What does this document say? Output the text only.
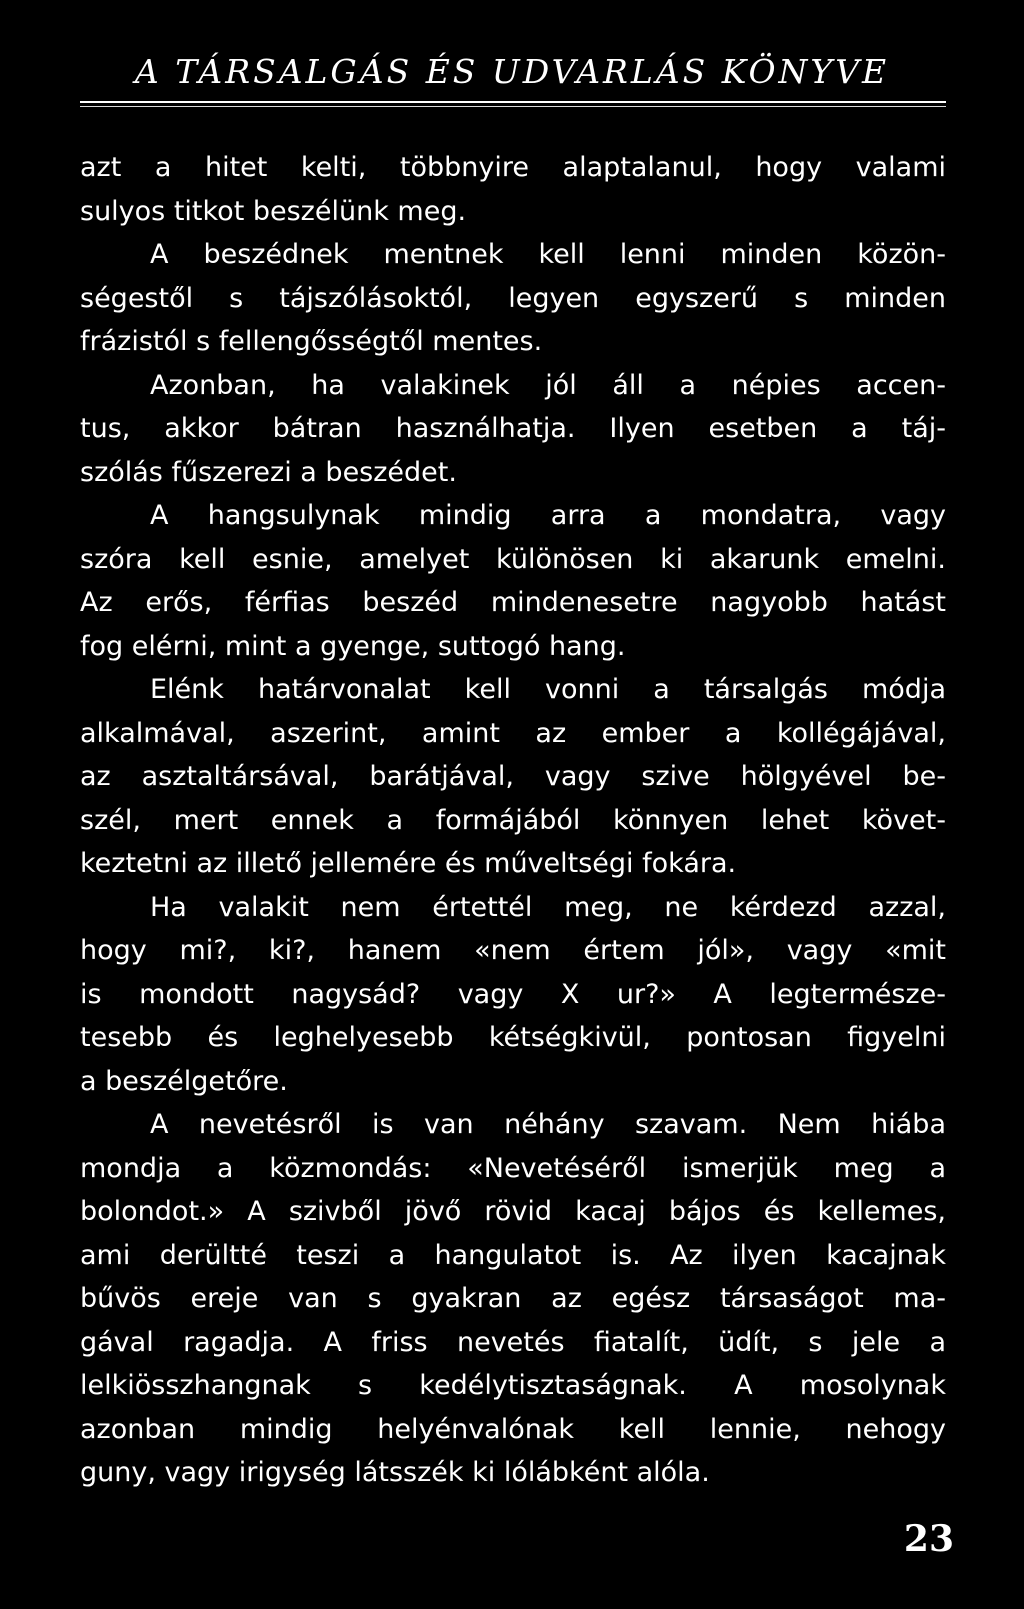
A TÁRSALGÁS ÉS UDVARLÁS KÖNYVE
azt a hitet kelti, többnyire alaptalanul, hogy valami
sulyos titkot beszélünk meg.
A beszédnek mentnek kell lenni minden közön-
ségestől s tájszólásoktól, legyen egyszerű s minden
frázistól s fellengősségtől mentes.
Azonban, ha valakinek jól áll a népies accen-
tus, akkor bátran használhatja. Ilyen esetben a táj-
szólás fűszerezi a beszédet.
A hangsulynak mindig arra a mondatra, vagy
szóra kell esnie, amelyet különösen ki akarunk emelni.
Az erős, férfias beszéd mindenesetre nagyobb hatást
fog elérni, mint a gyenge, suttogó hang.
Elénk határvonalat kell vonni a társalgás módja
alkalmával, aszerint, amint az ember a kollégájával,
az asztaltársával, barátjával, vagy szive hölgyével be-
szél, mert ennek a formájából könnyen lehet követ-
keztetni az illető jellemére és műveltségi fokára.
Ha valakit nem értettél meg, ne kérdezd azzal,
hogy mi?, ki?, hanem «nem értem jól», vagy «mit
is mondott nagysád? vagy X ur?» A legtermésze-
tesebb és leghelyesebb kétségkivül, pontosan figyelni
a beszélgetőre.
A nevetésről is van néhány szavam. Nem hiába
mondja a közmondás: «Nevetéséről ismerjük meg a
bolondot.» A szivből jövő rövid kacaj bájos és kellemes,
ami derültté teszi a hangulatot is. Az ilyen kacajnak
bűvös ereje van s gyakran az egész társaságot ma-
gával ragadja. A friss nevetés fiatalít, üdít, s jele a
lelkiösszhangnak s kedélytisztaságnak. A mosolynak
azonban mindig helyénvalónak kell lennie, nehogy
guny, vagy irigység látsszék ki lólábként alóla.
23
